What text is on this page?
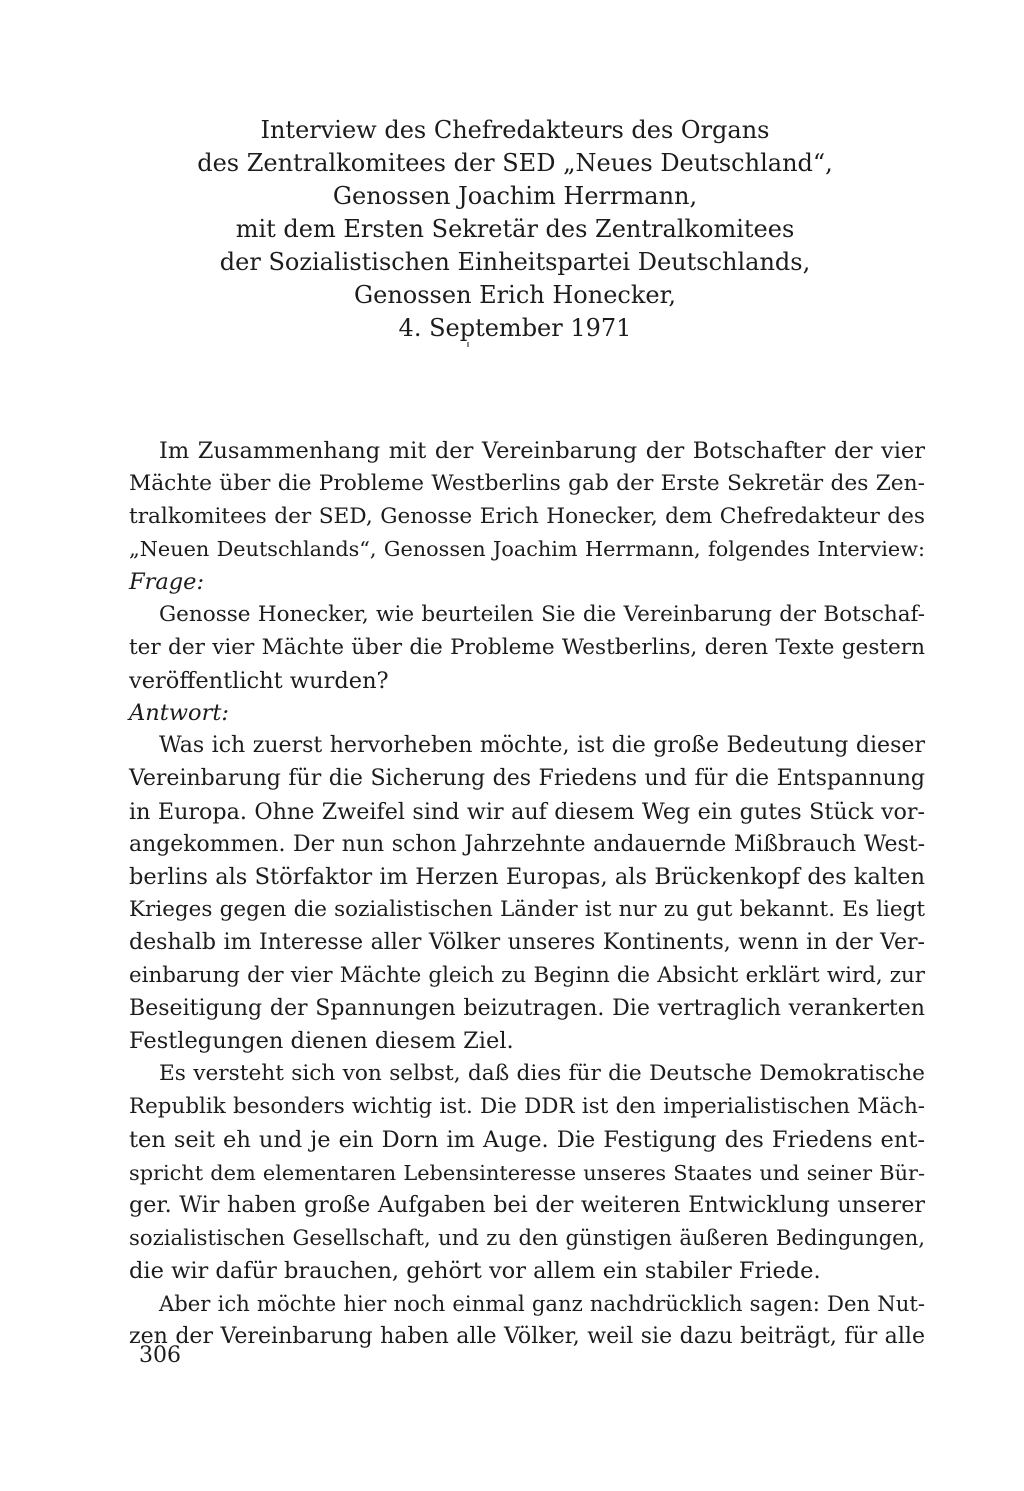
Interview des Chefredakteurs des Organs
des Zentralkomitees der SED „Neues Deutschland“,
Genossen Joachim Herrmann,
mit dem Ersten Sekretär des Zentralkomitees
der Sozialistischen Einheitspartei Deutschlands,
Genossen Erich Honecker,
4. September 1971
Im Zusammenhang mit der Vereinbarung der Botschafter der vier
Mächte über die Probleme Westberlins gab der Erste Sekretär des Zen-
tralkomitees der SED, Genosse Erich Honecker, dem Chefredakteur des
„Neuen Deutschlands“, Genossen Joachim Herrmann, folgendes Interview:
Frage:
Genosse Honecker, wie beurteilen Sie die Vereinbarung der Botschaf-
ter der vier Mächte über die Probleme Westberlins, deren Texte gestern
veröffentlicht wurden?
Antwort:
Was ich zuerst hervorheben möchte, ist die große Bedeutung dieser
Vereinbarung für die Sicherung des Friedens und für die Entspannung
in Europa. Ohne Zweifel sind wir auf diesem Weg ein gutes Stück vor-
angekommen. Der nun schon Jahrzehnte andauernde Mißbrauch West-
berlins als Störfaktor im Herzen Europas, als Brückenkopf des kalten
Krieges gegen die sozialistischen Länder ist nur zu gut bekannt. Es liegt
deshalb im Interesse aller Völker unseres Kontinents, wenn in der Ver-
einbarung der vier Mächte gleich zu Beginn die Absicht erklärt wird, zur
Beseitigung der Spannungen beizutragen. Die vertraglich verankerten
Festlegungen dienen diesem Ziel.
Es versteht sich von selbst, daß dies für die Deutsche Demokratische
Republik besonders wichtig ist. Die DDR ist den imperialistischen Mäch-
ten seit eh und je ein Dorn im Auge. Die Festigung des Friedens ent-
spricht dem elementaren Lebensinteresse unseres Staates und seiner Bür-
ger. Wir haben große Aufgaben bei der weiteren Entwicklung unserer
sozialistischen Gesellschaft, und zu den günstigen äußeren Bedingungen,
die wir dafür brauchen, gehört vor allem ein stabiler Friede.
Aber ich möchte hier noch einmal ganz nachdrücklich sagen: Den Nut-
zen der Vereinbarung haben alle Völker, weil sie dazu beiträgt, für alle
306
